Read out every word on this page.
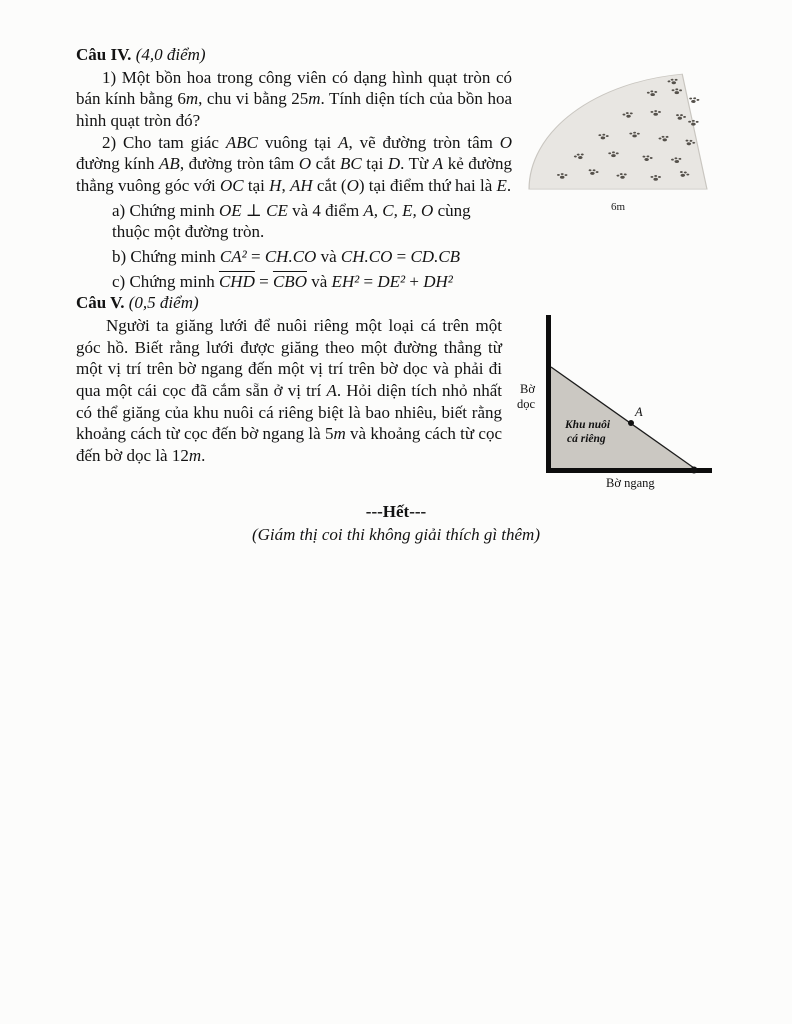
Câu IV. (4,0 điểm)

6m

1) Một bồn hoa trong công viên có dạng hình quạt tròn có bán kính bằng 6m, chu vi bằng 25m. Tính diện tích của bồn hoa hình quạt tròn đó?

2) Cho tam giác ABC vuông tại A, vẽ đường tròn tâm O đường kính AB, đường tròn tâm O cắt BC tại D. Từ A kẻ đường thẳng vuông góc với OC tại H, AH cắt (O) tại điểm thứ hai là E.

a) Chứng minh OE ⊥ CE và 4 điểm A, C, E, O cùng thuộc một đường tròn.

b) Chứng minh CA² = CH.CO và CH.CO = CD.CB

c) Chứng minh $\overline{CHD} = \overline{CBO}$ và EH² = DE² + DH²

Câu V. (0,5 điểm)

Bờ
dọc
Bờ ngang
Khu nuôi
cá riêng
A

Người ta giăng lưới để nuôi riêng một loại cá trên một góc hồ. Biết rằng lưới được giăng theo một đường thẳng từ một vị trí trên bờ ngang đến một vị trí trên bờ dọc và phải đi qua một cái cọc đã cắm sẵn ở vị trí A. Hỏi diện tích nhỏ nhất có thể giăng của khu nuôi cá riêng biệt là bao nhiêu, biết rằng khoảng cách từ cọc đến bờ ngang là 5m và khoảng cách từ cọc đến bờ dọc là 12m.

---Hết---

(Giám thị coi thi không giải thích gì thêm)
